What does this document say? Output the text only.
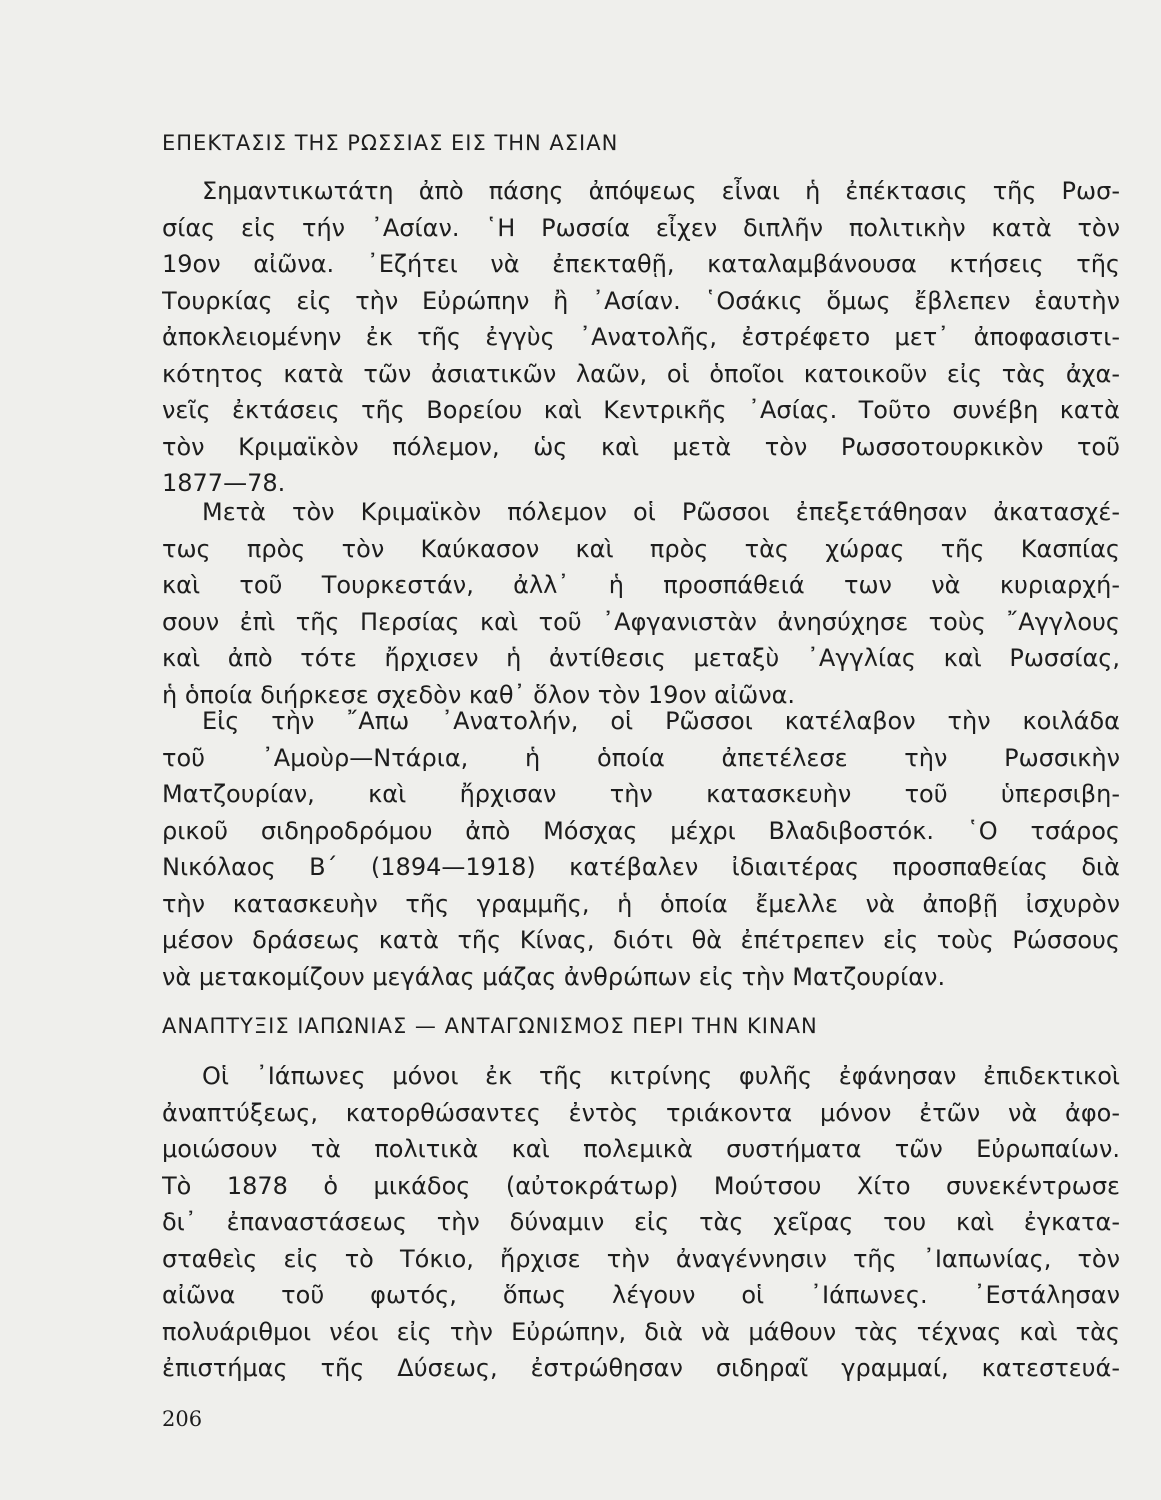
ΕΠΕΚΤΑΣΙΣ ΤΗΣ ΡΩΣΣΙΑΣ ΕΙΣ ΤΗΝ ΑΣΙΑΝ
Σημαντικωτάτη ἀπὸ πάσης ἀπόψεως εἶναι ἡ ἐπέκτασις τῆς Ρωσ-
σίας εἰς τήν ᾿Ασίαν. ῾Η Ρωσσία εἶχεν διπλῆν πολιτικὴν κατὰ τὸν
19ον αἰῶνα. ᾿Εζήτει νὰ ἐπεκταθῇ, καταλαμβάνουσα κτήσεις τῆς
Τουρκίας εἰς τὴν Εὐρώπην ἢ ᾿Ασίαν. ῾Οσάκις ὅμως ἔβλεπεν ἑαυτὴν
ἀποκλειομένην ἐκ τῆς ἐγγὺς ᾿Ανατολῆς, ἐστρέφετο μετ᾿ ἀποφασιστι-
κότητος κατὰ τῶν ἀσιατικῶν λαῶν, οἱ ὁποῖοι κατοικοῦν εἰς τὰς ἀχα-
νεῖς ἐκτάσεις τῆς Βορείου καὶ Κεντρικῆς ᾿Ασίας. Τοῦτο συνέβη κατὰ
τὸν Κριμαϊκὸν πόλεμον, ὡς καὶ μετὰ τὸν Ρωσσοτουρκικὸν τοῦ
1877—78.
Μετὰ τὸν Κριμαϊκὸν πόλεμον οἱ Ρῶσσοι ἐπεξετάθησαν ἀκατασχέ-
τως πρὸς τὸν Καύκασον καὶ πρὸς τὰς χώρας τῆς Κασπίας
καὶ τοῦ Τουρκεστάν, ἀλλ᾿ ἡ προσπάθειά των νὰ κυριαρχή-
σουν ἐπὶ τῆς Περσίας καὶ τοῦ ᾿Αφγανιστὰν ἀνησύχησε τοὺς ῎Αγγλους
καὶ ἀπὸ τότε ἤρχισεν ἡ ἀντίθεσις μεταξὺ ᾿Αγγλίας καὶ Ρωσσίας,
ἡ ὁποία διήρκεσε σχεδὸν καθ᾿ ὅλον τὸν 19ον αἰῶνα.
Εἰς τὴν ῎Απω ᾿Ανατολήν, οἱ Ρῶσσοι κατέλαβον τὴν κοιλάδα
τοῦ ᾿Αμοὺρ—Ντάρια, ἡ ὁποία ἀπετέλεσε τὴν Ρωσσικὴν
Ματζουρίαν, καὶ ἤρχισαν τὴν κατασκευὴν τοῦ ὑπερσιβη-
ρικοῦ σιδηροδρόμου ἀπὸ Μόσχας μέχρι Βλαδιβοστόκ. ῾Ο τσάρος
Νικόλαος Β΄ (1894—1918) κατέβαλεν ἰδιαιτέρας προσπαθείας διὰ
τὴν κατασκευὴν τῆς γραμμῆς, ἡ ὁποία ἔμελλε νὰ ἀποβῇ ἰσχυρὸν
μέσον δράσεως κατὰ τῆς Κίνας, διότι θὰ ἐπέτρεπεν εἰς τοὺς Ρώσσους
νὰ μετακομίζουν μεγάλας μάζας ἀνθρώπων εἰς τὴν Ματζουρίαν.
ΑΝΑΠΤΥΞΙΣ ΙΑΠΩΝΙΑΣ — ΑΝΤΑΓΩΝΙΣΜΟΣ ΠΕΡΙ ΤΗΝ ΚΙΝΑΝ
Οἱ ᾿Ιάπωνες μόνοι ἐκ τῆς κιτρίνης φυλῆς ἐφάνησαν ἐπιδεκτικοὶ
ἀναπτύξεως, κατορθώσαντες ἐντὸς τριάκοντα μόνον ἐτῶν νὰ ἀφο-
μοιώσουν τὰ πολιτικὰ καὶ πολεμικὰ συστήματα τῶν Εὐρωπαίων.
Τὸ 1878 ὁ μικάδος (αὐτοκράτωρ) Μούτσου Χίτο συνεκέντρωσε
δι᾿ ἐπαναστάσεως τὴν δύναμιν εἰς τὰς χεῖρας του καὶ ἐγκατα-
σταθεὶς εἰς τὸ Τόκιο, ἤρχισε τὴν ἀναγέννησιν τῆς ᾿Ιαπωνίας, τὸν
αἰῶνα τοῦ φωτός, ὅπως λέγουν οἱ ᾿Ιάπωνες. ᾿Εστάλησαν
πολυάριθμοι νέοι εἰς τὴν Εὐρώπην, διὰ νὰ μάθουν τὰς τέχνας καὶ τὰς
ἐπιστήμας τῆς Δύσεως, ἐστρώθησαν σιδηραῖ γραμμαί, κατεστευά-
206
